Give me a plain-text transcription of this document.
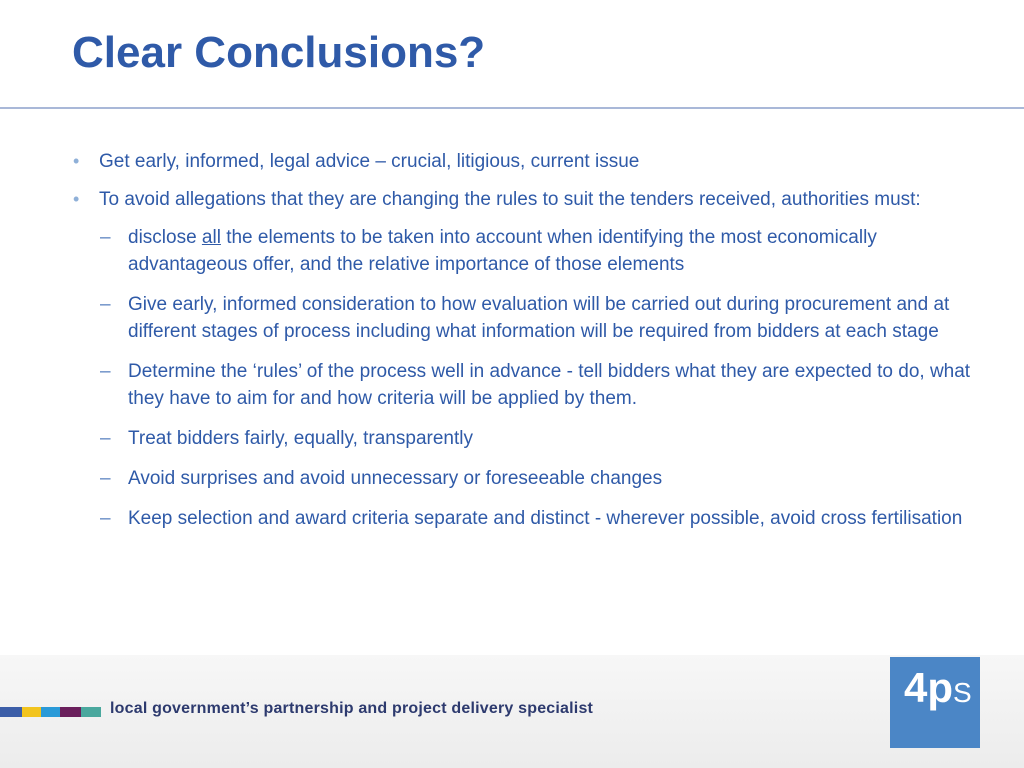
Clear Conclusions?
• Get early, informed, legal advice – crucial, litigious, current issue
• To avoid allegations that they are changing the rules to suit the tenders received, authorities must:
– disclose all the elements to be taken into account when identifying the most economically advantageous offer, and the relative importance of those elements
– Give early, informed consideration to how evaluation will be carried out during procurement and at different stages of process including what information will be required from bidders at each stage
– Determine the ‘rules’ of the process well in advance - tell bidders what they are expected to do, what they have to aim for and how criteria will be applied by them.
– Treat bidders fairly, equally, transparently
– Avoid surprises and avoid unnecessary or foreseeable changes
– Keep selection and award criteria separate and distinct - wherever possible, avoid cross fertilisation
local government’s partnership and project delivery specialist	4pS
